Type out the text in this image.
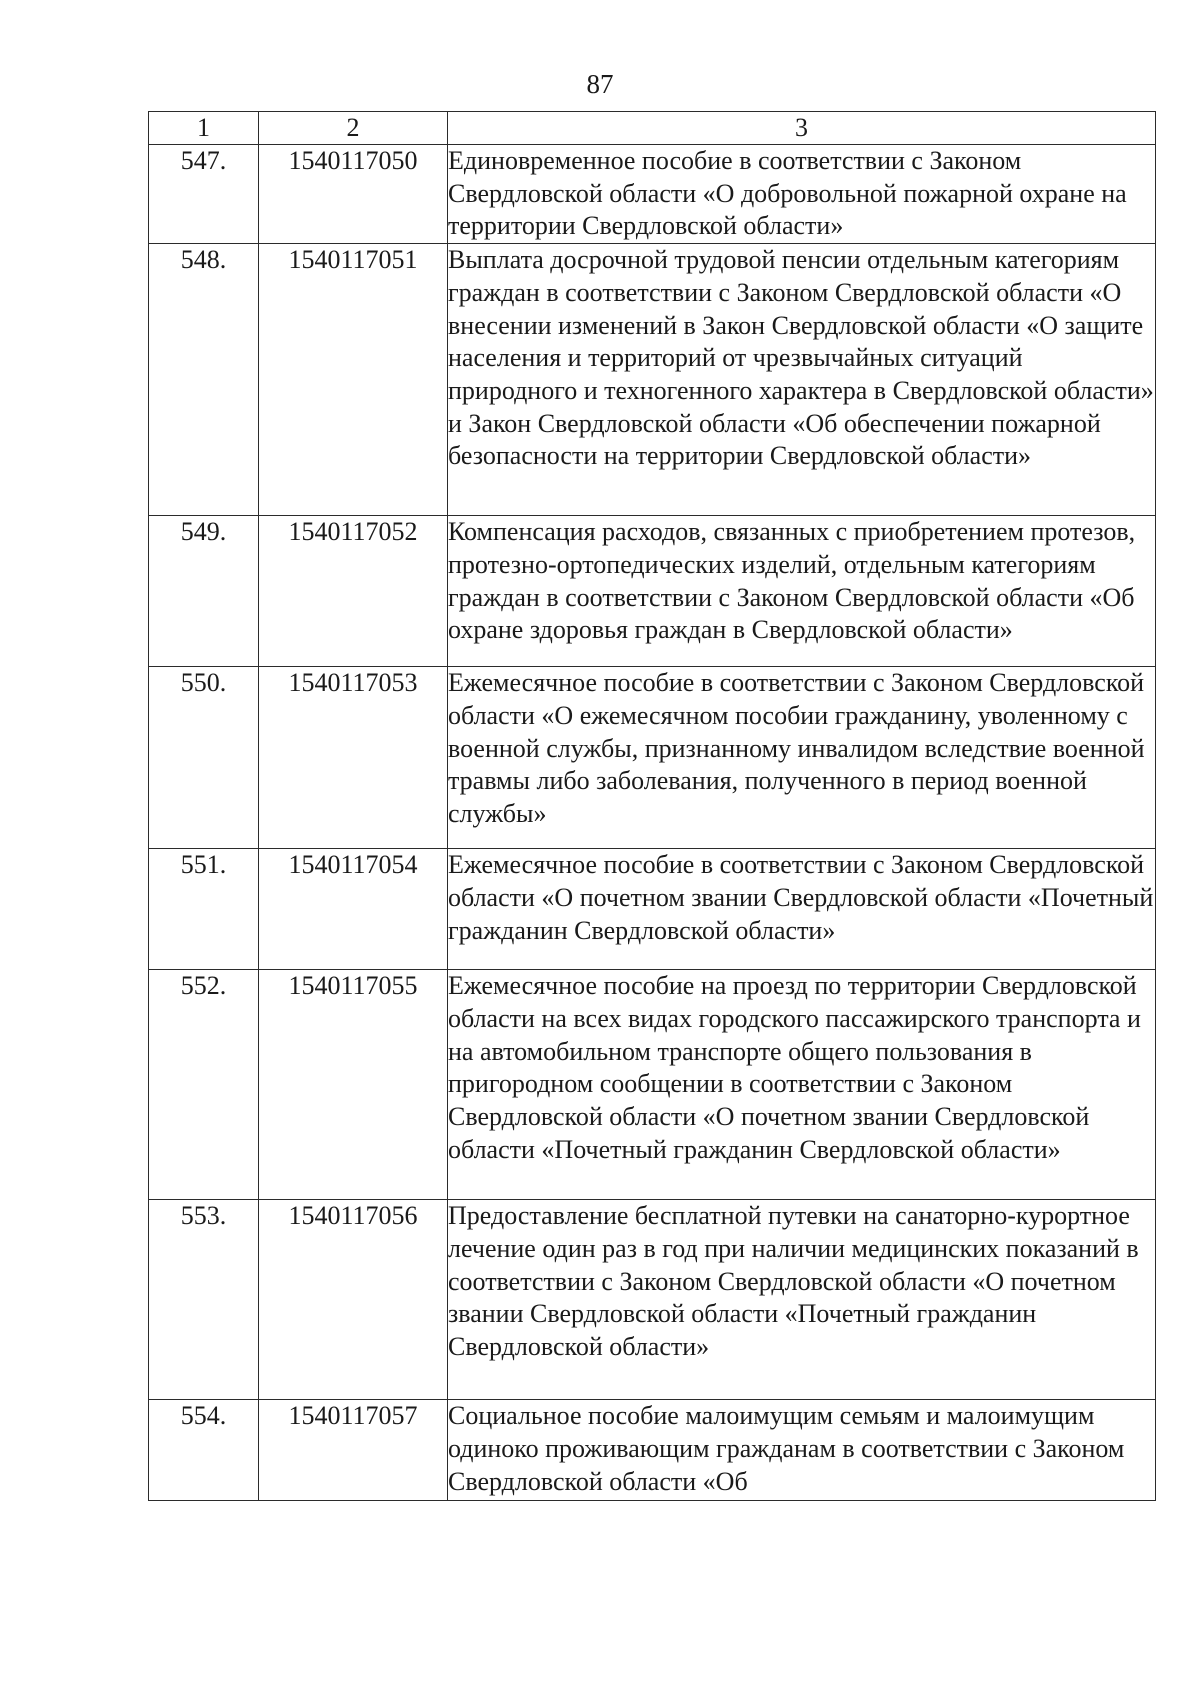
87
1	2	3
547.	1540117050	Единовременное пособие в соответствии с Законом Свердловской области «О добровольной пожарной охране на территории Свердловской области»
548.	1540117051	Выплата досрочной трудовой пенсии отдельным категориям граждан в соответствии с Законом Свердловской области «О внесении изменений в Закон Свердловской области «О защите населения и территорий от чрезвычайных ситуаций природного и техногенного характера в Свердловской области» и Закон Свердловской области «Об обеспечении пожарной безопасности на территории Свердловской области»
549.	1540117052	Компенсация расходов, связанных с приобретением протезов, протезно-ортопедических изделий, отдельным категориям граждан в соответствии с Законом Свердловской области «Об охране здоровья граждан в Свердловской области»
550.	1540117053	Ежемесячное пособие в соответствии с Законом Свердловской области «О ежемесячном пособии гражданину, уволенному с военной службы, признанному инвалидом вследствие военной травмы либо заболевания, полученного в период военной службы»
551.	1540117054	Ежемесячное пособие в соответствии с Законом Свердловской области «О почетном звании Свердловской области «Почетный гражданин Свердловской области»
552.	1540117055	Ежемесячное пособие на проезд по территории Свердловской области на всех видах городского пассажирского транспорта и на автомобильном транспорте общего пользования в пригородном сообщении в соответствии с Законом Свердловской области «О почетном звании Свердловской области «Почетный гражданин Свердловской области»
553.	1540117056	Предоставление бесплатной путевки на санаторно-курортное лечение один раз в год при наличии медицинских показаний в соответствии с Законом Свердловской области «О почетном звании Свердловской области «Почетный гражданин Свердловской области»
554.	1540117057	Социальное пособие малоимущим семьям и малоимущим одиноко проживающим гражданам в соответствии с Законом Свердловской области «Об
